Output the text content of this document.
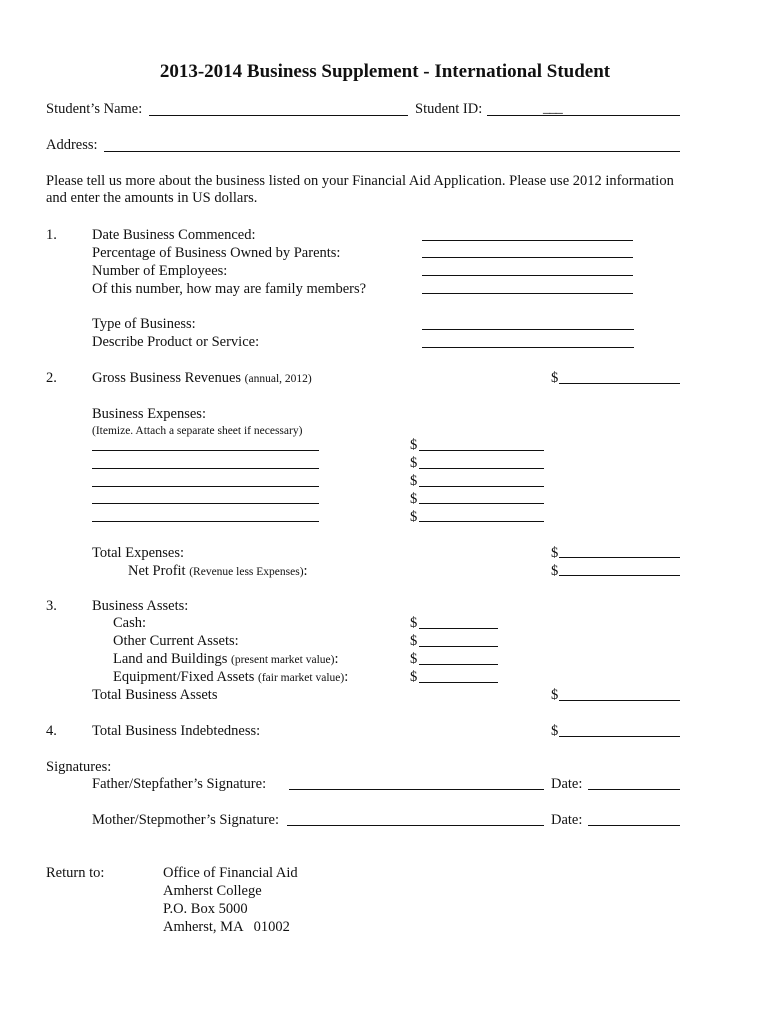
2013-2014 Business Supplement - International Student
Student’s Name:	Student ID:	___
Address:
Please tell us more about the business listed on your Financial Aid Application. Please use 2012 information
and enter the amounts in US dollars.
1. Date Business Commenced:
Percentage of Business Owned by Parents:
Number of Employees:
Of this number, how may are family members?
Type of Business:
Describe Product or Service:
2. Gross Business Revenues (annual, 2012)	$
Business Expenses:
(Itemize. Attach a separate sheet if necessary)
$
$
$
$
$
Total Expenses:	$
Net Profit (Revenue less Expenses):	$
3. Business Assets:
Cash:	$
Other Current Assets:	$
Land and Buildings (present market value):	$
Equipment/Fixed Assets (fair market value):	$
Total Business Assets	$
4. Total Business Indebtedness:	$
Signatures:
Father/Stepfather’s Signature:	Date:
Mother/Stepmother’s Signature:	Date:
Return to:	Office of Financial Aid
Amherst College
P.O. Box 5000
Amherst, MA   01002
